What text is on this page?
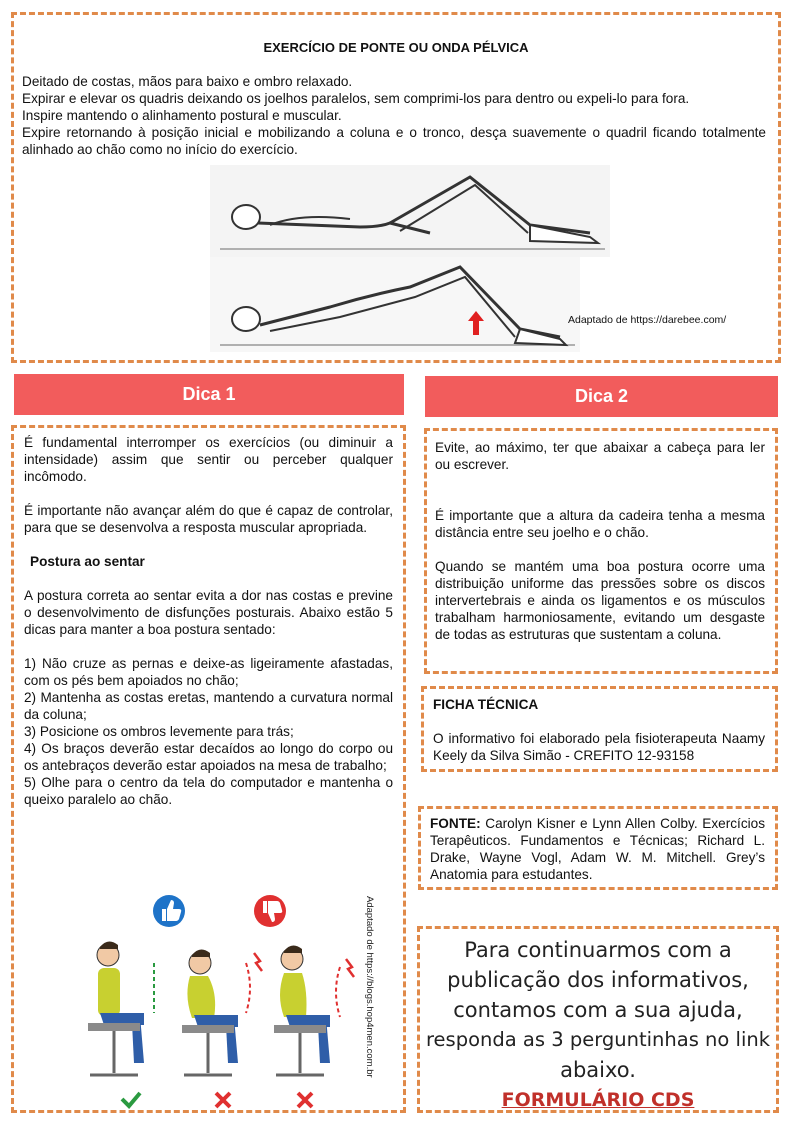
EXERCÍCIO DE PONTE OU ONDA PÉLVICA

Deitado de costas, mãos para baixo e ombro relaxado.

Expirar e elevar os quadris deixando os joelhos paralelos, sem comprimi-los para dentro ou expeli-lo para fora.

Inspire mantendo o alinhamento postural e muscular.

Expire retornando à posição inicial e mobilizando a coluna e o tronco, desça suavemente o quadril ficando totalmente alinhado ao chão como no início do exercício.

Adaptado de https://darebee.com/
Dica 1

É fundamental interromper os exercícios (ou diminuir a intensidade) assim que sentir ou perceber qualquer incômodo.

É importante não avançar além do que é capaz de controlar, para que se desenvolva a resposta muscular apropriada.

Postura ao sentar

A postura correta ao sentar evita a dor nas costas e previne o desenvolvimento de disfunções posturais. Abaixo estão 5 dicas para manter a boa postura sentado:

1) Não cruze as pernas e deixe-as ligeiramente afastadas, com os pés bem apoiados no chão;

2) Mantenha as costas eretas, mantendo a curvatura normal da coluna;

3) Posicione os ombros levemente para trás;

4) Os braços deverão estar decaídos ao longo do corpo ou os antebraços deverão estar apoiados na mesa de trabalho;

5) Olhe para o centro da tela do computador e mantenha o queixo paralelo ao chão.

Adaptado de https://blogs.hop4men.com.br
Dica 2

Evite, ao máximo, ter que abaixar a cabeça para ler ou escrever.

É importante que a altura da cadeira tenha a mesma distância entre seu joelho e o chão.

Quando se mantém uma boa postura ocorre uma distribuição uniforme das pressões sobre os discos intervertebrais e ainda os ligamentos e os músculos trabalham harmoniosamente, evitando um desgaste de todas as estruturas que sustentam a coluna.

FICHA TÉCNICA
O informativo foi elaborado pela fisioterapeuta Naamy Keely da Silva Simão - CREFITO 12-93158
FONTE: Carolyn Kisner e Lynn Allen Colby. Exercícios Terapêuticos. Fundamentos e Técnicas; Richard L. Drake, Wayne Vogl, Adam W. M. Mitchell. Grey’s Anatomia para estudantes.
Para continuarmos com a
publicação dos informativos,
contamos com a sua ajuda,
responda as 3 perguntinhas no link
abaixo.
FORMULÁRIO CDS
